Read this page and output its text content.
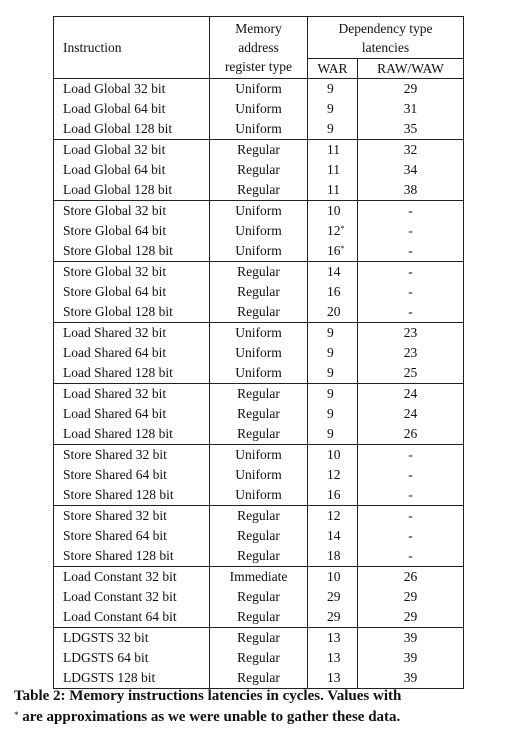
Instruction	Memory
address
register type	Dependency type
latencies	
		WAR	RAW/WAW
Load Global 32 bit	Uniform	9	29
Load Global 64 bit	Uniform	9	31
Load Global 128 bit	Uniform	9	35
Load Global 32 bit	Regular	11	32
Load Global 64 bit	Regular	11	34
Load Global 128 bit	Regular	11	38
Store Global 32 bit	Uniform	10	-
Store Global 64 bit	Uniform	12*	-
Store Global 128 bit	Uniform	16*	-
Store Global 32 bit	Regular	14	-
Store Global 64 bit	Regular	16	-
Store Global 128 bit	Regular	20	-
Load Shared 32 bit	Uniform	9	23
Load Shared 64 bit	Uniform	9	23
Load Shared 128 bit	Uniform	9	25
Load Shared 32 bit	Regular	9	24
Load Shared 64 bit	Regular	9	24
Load Shared 128 bit	Regular	9	26
Store Shared 32 bit	Uniform	10	-
Store Shared 64 bit	Uniform	12	-
Store Shared 128 bit	Uniform	16	-
Store Shared 32 bit	Regular	12	-
Store Shared 64 bit	Regular	14	-
Store Shared 128 bit	Regular	18	-
Load Constant 32 bit	Immediate	10	26
Load Constant 32 bit	Regular	29	29
Load Constant 64 bit	Regular	29	29
LDGSTS 32 bit	Regular	13	39
LDGSTS 64 bit	Regular	13	39
LDGSTS 128 bit	Regular	13	39
Table 2: Memory instructions latencies in cycles. Values with
* are approximations as we were unable to gather these data.
